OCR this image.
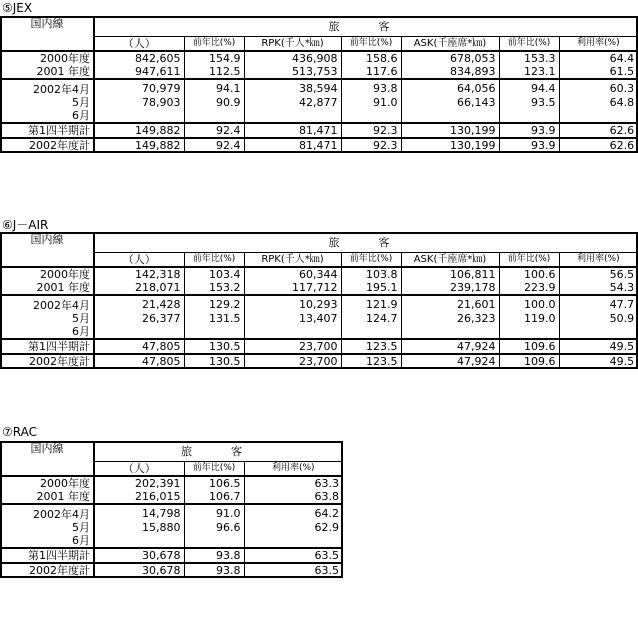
⑤JEX
国内線	旅　客						
	（人）	前年比(%)	RPK(千人*㎞)	前年比(%)	ASK(千座席*㎞)	前年比(%)	利用率(%)
2000年度	842,605	154.9	436,908	158.6	678,053	153.3	64.4
2001 年度	947,611	112.5	513,753	117.6	834,893	123.1	61.5
2002年4月	70,979	94.1	38,594	93.8	64,056	94.4	60.3
5月	78,903	90.9	42,877	91.0	66,143	93.5	64.8
6月							
第1四半期計	149,882	92.4	81,471	92.3	130,199	93.9	62.6
2002年度計	149,882	92.4	81,471	92.3	130,199	93.9	62.6
⑥J－AIR
国内線	旅　客						
	（人）	前年比(%)	RPK(千人*㎞)	前年比(%)	ASK(千座席*㎞)	前年比(%)	利用率(%)
2000年度	142,318	103.4	60,344	103.8	106,811	100.6	56.5
2001 年度	218,071	153.2	117,712	195.1	239,178	223.9	54.3
2002年4月	21,428	129.2	10,293	121.9	21,601	100.0	47.7
5月	26,377	131.5	13,407	124.7	26,323	119.0	50.9
6月							
第1四半期計	47,805	130.5	23,700	123.5	47,924	109.6	49.5
2002年度計	47,805	130.5	23,700	123.5	47,924	109.6	49.5
⑦RAC
国内線	旅　客		
	（人）	前年比(%)	利用率(%)
2000年度	202,391	106.5	63.3
2001 年度	216,015	106.7	63.8
2002年4月	14,798	91.0	64.2
5月	15,880	96.6	62.9
6月			
第1四半期計	30,678	93.8	63.5
2002年度計	30,678	93.8	63.5
